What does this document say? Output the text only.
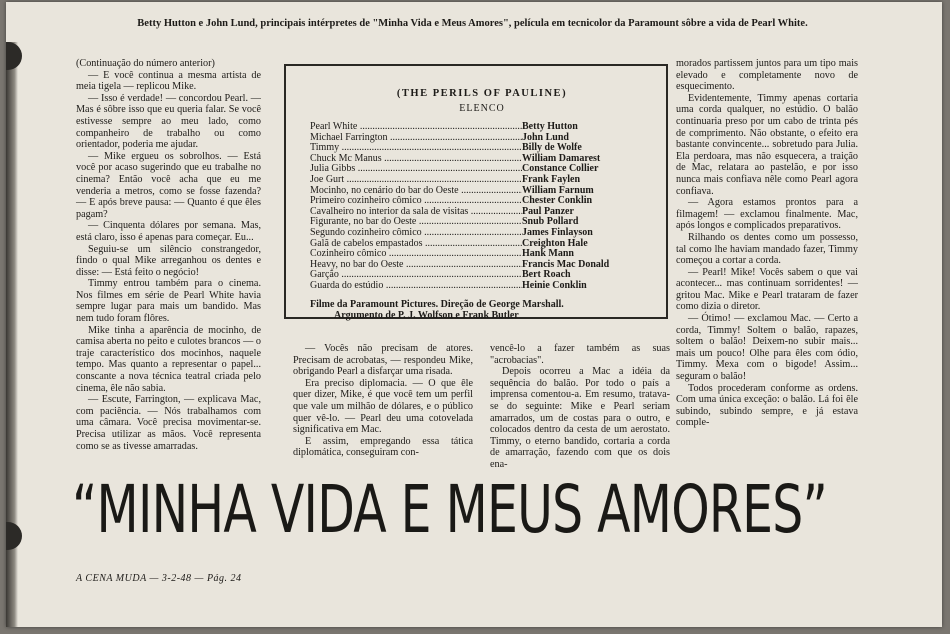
Betty Hutton e John Lund, principais intérpretes de "Minha Vida e Meus Amores", película em tecnicolor da Paramount sôbre a vida de Pearl White.

(Continuação do número anterior)

— E você continua a mesma artista de meia tigela — replicou Mike.

— Isso é verdade! — concordou Pearl. — Mas é sôbre isso que eu queria falar. Se você estivesse sempre ao meu lado, como companheiro de trabalho ou como orientador, poderia me ajudar.

— Mike ergueu os sobrolhos. — Está você por acaso sugerindo que eu trabalhe no cinema? Então você acha que eu me venderia a metros, como se fosse fazenda? — E após breve pausa: — Quanto é que êles pagam?

— Cinquenta dólares por semana. Mas, está claro, isso é apenas para começar. Eu...

Seguiu-se um silêncio constrangedor, findo o qual Mike arreganhou os dentes e disse: — Está feito o negócio!

Timmy entrou também para o cinema. Nos filmes em série de Pearl White havia sempre lugar para mais um bandido. Mas nem tudo foram flôres.

Mike tinha a aparência de mocinho, de camisa aberta no peito e culotes brancos — o traje característico dos mocinhos, naquele tempo. Mas quanto a representar o papel... conscante a nova técnica teatral criada pelo cinema, êle não sabia.

— Escute, Farrington, — explicava Mac, com paciência. — Nós trabalhamos com uma câmara. Você precisa movimentar-se. Precisa utilizar as mãos. Você representa como se as tivesse amarradas.

(THE PERILS OF PAULINE)
ELENCO
Pearl White .....	Betty Hutton
Michael Farrington .....	John Lund
Timmy .....	Billy de Wolfe
Chuck Mc Manus .....	William Damarest
Julia Gibbs .....	Constance Collier
Joe Gurt .....	Frank Faylen
Mocinho, no cenário do bar do Oeste .....	William Farnum
Primeiro cozinheiro cômico .....	Chester Conklin
Cavalheiro no interior da sala de visitas .....	Paul Panzer
Figurante, no bar do Oeste .....	Snub Pollard
Segundo cozinheiro cômico .....	James Finlayson
Galã de cabelos empastados .....	Creighton Hale
Cozinheiro cômico .....	Hank Mann
Heavy, no bar do Oeste .....	Francis Mac Donald
Garção .....	Bert Roach
Guarda do estúdio .....	Heinie Conklin
Filme da Paramount Pictures. Direção de George Marshall.
Argumento de P. J. Wolfson e Frank Butler

— Vocês não precisam de atores. Precisam de acrobatas, — respondeu Mike, obrigando Pearl a disfarçar uma risada.

Era preciso diplomacia. — O que êle quer dizer, Mike, é que você tem um perfil que vale um milhão de dólares, e o público quer vê-lo. — Pearl deu uma cotovelada significativa em Mac.

E assim, empregando essa tática diplomática, conseguiram con-

vencê-lo a fazer também as suas "acrobacias".

Depois ocorreu a Mac a idéia da sequência do balão. Por todo o país a imprensa comentou-a. Em resumo, tratava-se do seguinte: Mike e Pearl seriam amarrados, um de costas para o outro, e colocados dentro da cesta de um aerostato. Timmy, o eterno bandido, cortaria a corda de amarração, fazendo com que os dois ena-

morados partissem juntos para um tipo mais elevado e completamente novo de esquecimento.

Evidentemente, Timmy apenas cortaria uma corda qualquer, no estúdio. O balão continuaria preso por um cabo de trinta pés de comprimento. Não obstante, o efeito era bastante convincente... sobretudo para Julia. Ela perdoara, mas não esquecera, a traição de Mac, relatara ao pastelão, e por isso nunca mais confiava nêle como Pearl agora confiava.

— Agora estamos prontos para a filmagem! — exclamou finalmente. Mac, após longos e complicados preparativos.

Rilhando os dentes como um possesso, tal como lhe haviam mandado fazer, Timmy começou a cortar a corda.

— Pearl! Mike! Vocês sabem o que vai acontecer... mas continuam sorridentes! — gritou Mac. Mike e Pearl trataram de fazer como dizia o diretor.

— Ótimo! — exclamou Mac. — Certo a corda, Timmy! Soltem o balão, rapazes, soltem o balão! Deixem-no subir mais... mais um pouco! Olhe para êles com ódio, Timmy. Mexa com o bigode! Assim... seguram o balão!

Todos procederam conforme as ordens. Com uma única exceção: o balão. Lá foi êle subindo, subindo sempre, e já estava comple-

“MINHA VIDA E MEUS AMORES”
A CENA MUDA — 3-2-48 — Pág. 24
